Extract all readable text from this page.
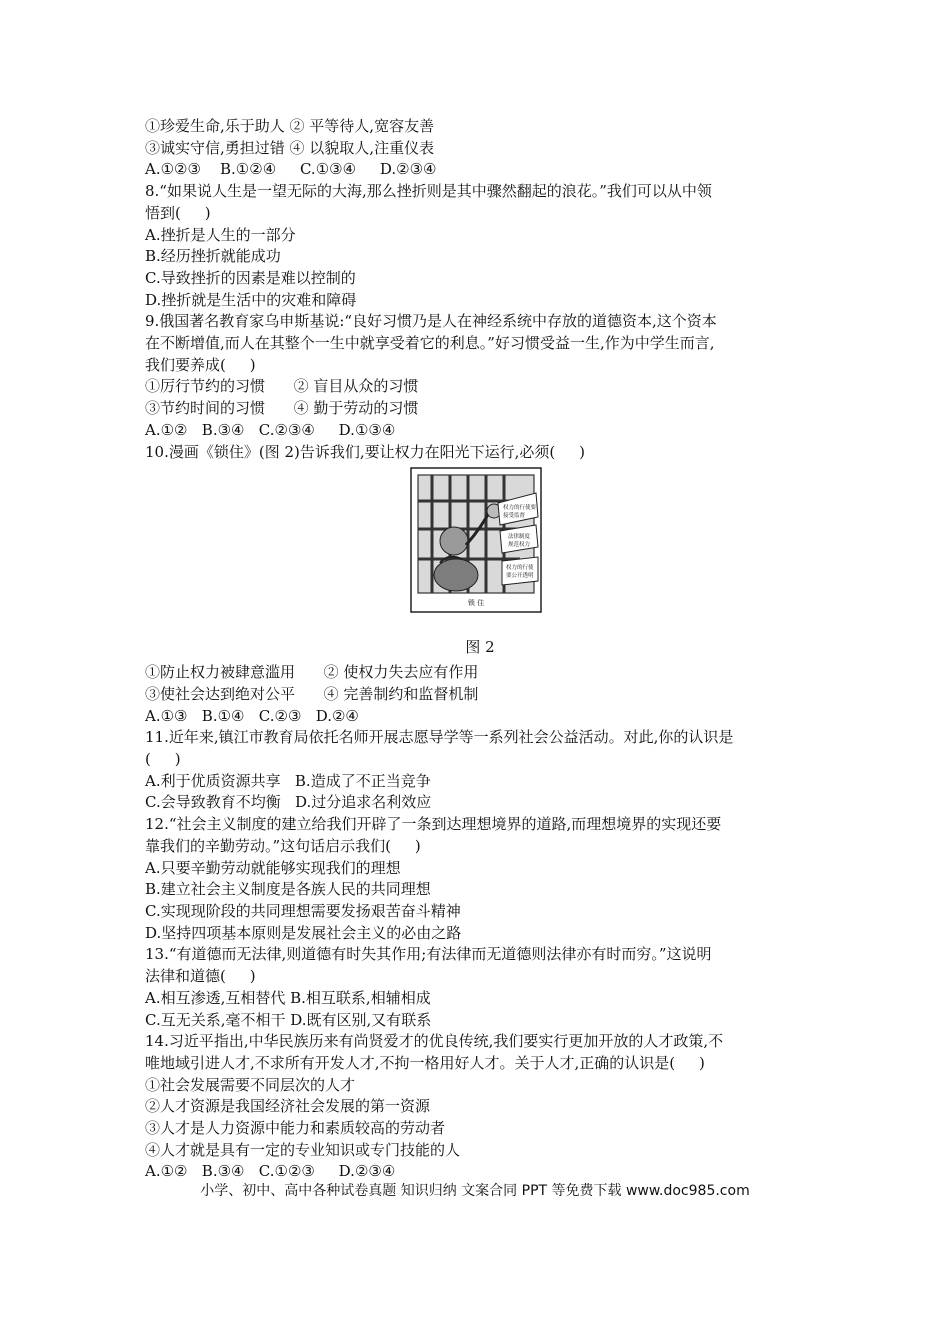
①珍爱生命,乐于助人 ② 平等待人,宽容友善
③诚实守信,勇担过错 ④ 以貌取人,注重仪表
A.①②③    B.①②④     C.①③④     D.②③④
8.“如果说人生是一望无际的大海,那么挫折则是其中骤然翻起的浪花。”我们可以从中领
悟到(     )
A.挫折是人生的一部分
B.经历挫折就能成功
C.导致挫折的因素是难以控制的
D.挫折就是生活中的灾难和障碍
9.俄国著名教育家乌申斯基说:“良好习惯乃是人在神经系统中存放的道德资本,这个资本
在不断增值,而人在其整个一生中就享受着它的利息。”好习惯受益一生,作为中学生而言,
我们要养成(     )
①厉行节约的习惯      ② 盲目从众的习惯
③节约时间的习惯      ④ 勤于劳动的习惯
A.①②   B.③④   C.②③④     D.①③④
10.漫画《锁住》(图 2)告诉我们,要让权力在阳光下运行,必须(     )
权力的行使要
接受监督
法律制度
规范权力
权力的行使
要公开透明
锁 住
图 2
①防止权力被肆意滥用      ② 使权力失去应有作用
③使社会达到绝对公平      ④ 完善制约和监督机制
A.①③   B.①④   C.②③   D.②④
11.近年来,镇江市教育局依托名师开展志愿导学等一系列社会公益活动。对此,你的认识是
(     )
A.利于优质资源共享   B.造成了不正当竞争
C.会导致教育不均衡   D.过分追求名利效应
12.“社会主义制度的建立给我们开辟了一条到达理想境界的道路,而理想境界的实现还要
靠我们的辛勤劳动。”这句话启示我们(     )
A.只要辛勤劳动就能够实现我们的理想
B.建立社会主义制度是各族人民的共同理想
C.实现现阶段的共同理想需要发扬艰苦奋斗精神
D.坚持四项基本原则是发展社会主义的必由之路
13.“有道德而无法律,则道德有时失其作用;有法律而无道德则法律亦有时而穷。”这说明
法律和道德(     )
A.相互渗透,互相替代 B.相互联系,相辅相成
C.互无关系,毫不相干 D.既有区别,又有联系
14.习近平指出,中华民族历来有尚贤爱才的优良传统,我们要实行更加开放的人才政策,不
唯地域引进人才,不求所有开发人才,不拘一格用好人才。关于人才,正确的认识是(     )
①社会发展需要不同层次的人才
②人才资源是我国经济社会发展的第一资源
③人才是人力资源中能力和素质较高的劳动者
④人才就是具有一定的专业知识或专门技能的人
A.①②   B.③④   C.①②③     D.②③④
小学、初中、高中各种试卷真题 知识归纳 文案合同 PPT 等免费下载 www.doc985.com
